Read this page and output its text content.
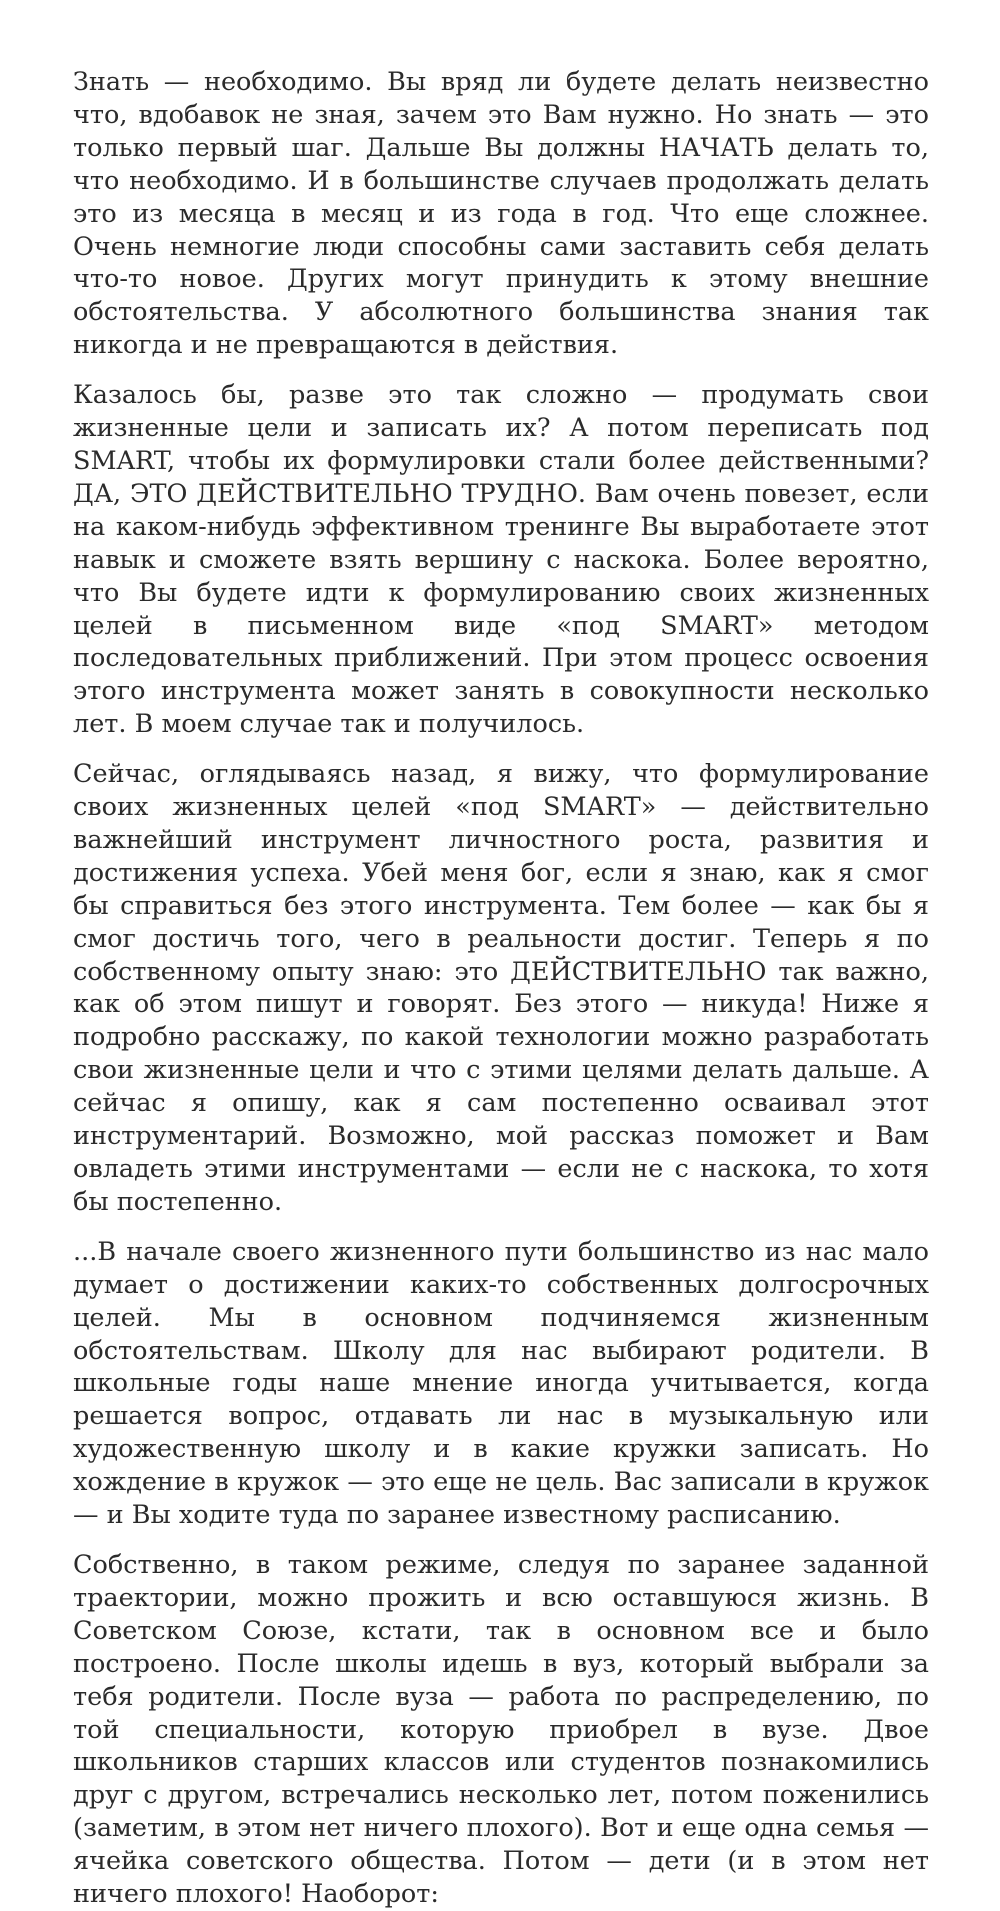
Знать — необходимо. Вы вряд ли будете делать неизвестно что, вдобавок не зная, зачем это Вам нужно. Но знать — это только первый шаг. Дальше Вы должны НАЧАТЬ делать то, что необходимо. И в большинстве случаев продолжать делать это из месяца в месяц и из года в год. Что еще сложнее. Очень немногие люди способны сами заставить себя делать что-то новое. Других могут принудить к этому внешние обстоятельства. У абсолютного большинства знания так никогда и не превращаются в действия.

Казалось бы, разве это так сложно — продумать свои жизненные цели и записать их? А потом переписать под SMART, чтобы их формулировки стали более действенными? ДА, ЭТО ДЕЙСТВИТЕЛЬНО ТРУДНО. Вам очень повезет, если на каком-нибудь эффективном тренинге Вы выработаете этот навык и сможете взять вершину с наскока. Более вероятно, что Вы будете идти к формулированию своих жизненных целей в письменном виде «под SMART» методом последовательных приближений. При этом процесс освоения этого инструмента может занять в совокупности несколько лет. В моем случае так и получилось.

Сейчас, оглядываясь назад, я вижу, что формулирование своих жизненных целей «под SMART» — действительно важнейший инструмент личностного роста, развития и достижения успеха. Убей меня бог, если я знаю, как я смог бы справиться без этого инструмента. Тем более — как бы я смог достичь того, чего в реальности достиг. Теперь я по собственному опыту знаю: это ДЕЙСТВИТЕЛЬНО так важно, как об этом пишут и говорят. Без этого — никуда! Ниже я подробно расскажу, по какой технологии можно разработать свои жизненные цели и что с этими целями делать дальше. А сейчас я опишу, как я сам постепенно осваивал этот инструментарий. Возможно, мой рассказ поможет и Вам овладеть этими инструментами — если не с наскока, то хотя бы постепенно.

...В начале своего жизненного пути большинство из нас мало думает о достижении каких-то собственных долгосрочных целей. Мы в основном подчиняемся жизненным обстоятельствам. Школу для нас выбирают родители. В школьные годы наше мнение иногда учитывается, когда решается вопрос, отдавать ли нас в музыкальную или художественную школу и в какие кружки записать. Но хождение в кружок — это еще не цель. Вас записали в кружок — и Вы ходите туда по заранее известному расписанию.

Собственно, в таком режиме, следуя по заранее заданной траектории, можно прожить и всю оставшуюся жизнь. В Советском Союзе, кстати, так в основном все и было построено. После школы идешь в вуз, который выбрали за тебя родители. После вуза — работа по распределению, по той специальности, которую приобрел в вузе. Двое школьников старших классов или студентов познакомились друг с другом, встречались несколько лет, потом поженились (заметим, в этом нет ничего плохого). Вот и еще одна семья — ячейка советского общества. Потом — дети (и в этом нет ничего плохого! Наоборот:
